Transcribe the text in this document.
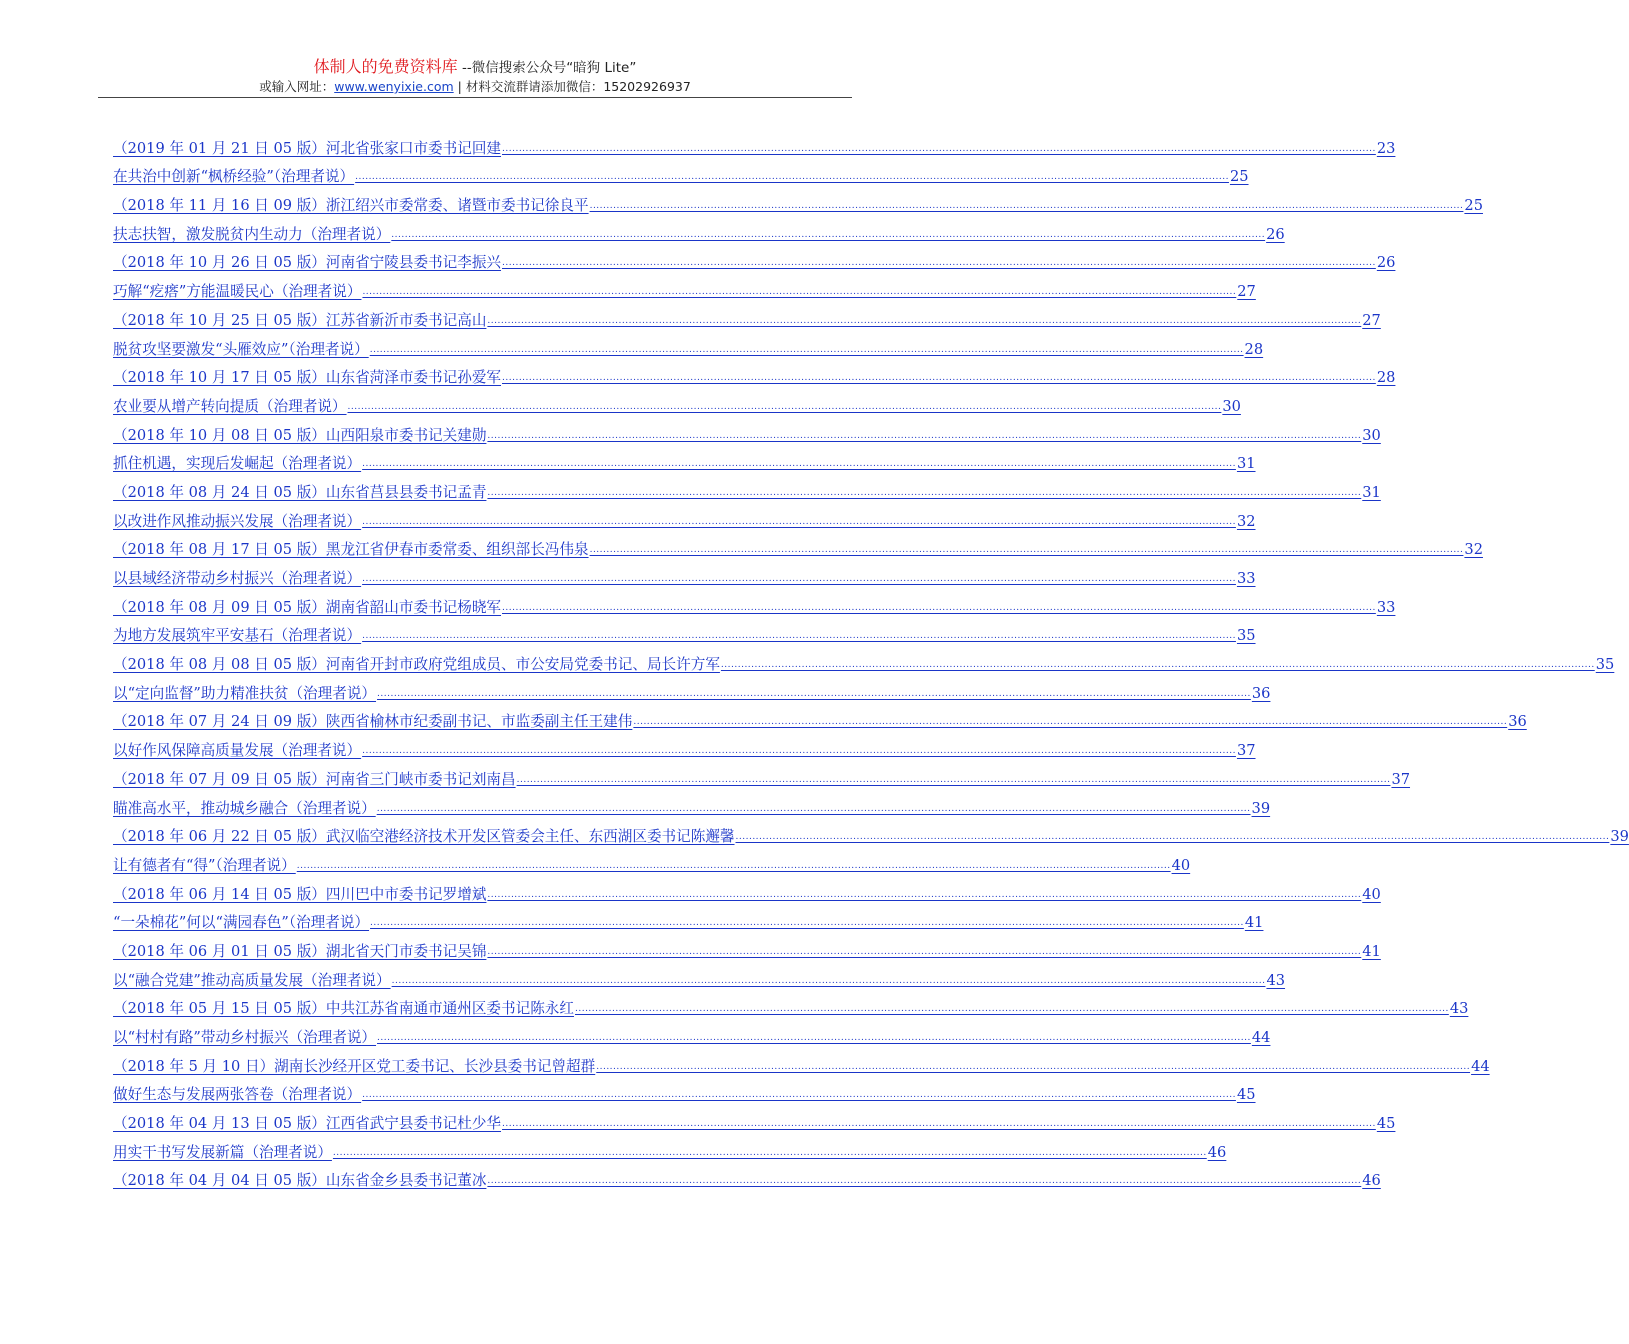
体制人的免费资料库 --微信搜索公众号“暗狗 Lite”
或输入网址：www.wenyixie.com | 材料交流群请添加微信：15202926937
（2019 年 01 月 21 日 05 版）河北省张家口市委书记回建 .................................................................................................................................................................................................................................................................... 23
在共治中创新“枫桥经验”（治理者说） .................................................................................................................................................................................................................................................................... 25
（2018 年 11 月 16 日 09 版）浙江绍兴市委常委、诸暨市委书记徐良平 .................................................................................................................................................................................................................................................................... 25
扶志扶智，激发脱贫内生动力（治理者说） .................................................................................................................................................................................................................................................................... 26
（2018 年 10 月 26 日 05 版）河南省宁陵县委书记李振兴 .................................................................................................................................................................................................................................................................... 26
巧解“疙瘩”方能温暖民心（治理者说） .................................................................................................................................................................................................................................................................... 27
（2018 年 10 月 25 日 05 版）江苏省新沂市委书记高山 .................................................................................................................................................................................................................................................................... 27
脱贫攻坚要激发“头雁效应”（治理者说） .................................................................................................................................................................................................................................................................... 28
（2018 年 10 月 17 日 05 版）山东省菏泽市委书记孙爱军 .................................................................................................................................................................................................................................................................... 28
农业要从增产转向提质（治理者说） .................................................................................................................................................................................................................................................................... 30
（2018 年 10 月 08 日 05 版）山西阳泉市委书记关建勋 .................................................................................................................................................................................................................................................................... 30
抓住机遇，实现后发崛起（治理者说） .................................................................................................................................................................................................................................................................... 31
（2018 年 08 月 24 日 05 版）山东省莒县县委书记孟青 .................................................................................................................................................................................................................................................................... 31
以改进作风推动振兴发展（治理者说） .................................................................................................................................................................................................................................................................... 32
（2018 年 08 月 17 日 05 版）黑龙江省伊春市委常委、组织部长冯伟泉 .................................................................................................................................................................................................................................................................... 32
以县域经济带动乡村振兴（治理者说） .................................................................................................................................................................................................................................................................... 33
（2018 年 08 月 09 日 05 版）湖南省韶山市委书记杨晓军 .................................................................................................................................................................................................................................................................... 33
为地方发展筑牢平安基石（治理者说） .................................................................................................................................................................................................................................................................... 35
（2018 年 08 月 08 日 05 版）河南省开封市政府党组成员、市公安局党委书记、局长许方军 .................................................................................................................................................................................................................................................................... 35
以“定向监督”助力精准扶贫（治理者说） .................................................................................................................................................................................................................................................................... 36
（2018 年 07 月 24 日 09 版）陕西省榆林市纪委副书记、市监委副主任王建伟 .................................................................................................................................................................................................................................................................... 36
以好作风保障高质量发展（治理者说） .................................................................................................................................................................................................................................................................... 37
（2018 年 07 月 09 日 05 版）河南省三门峡市委书记刘南昌 .................................................................................................................................................................................................................................................................... 37
瞄准高水平，推动城乡融合（治理者说） .................................................................................................................................................................................................................................................................... 39
（2018 年 06 月 22 日 05 版）武汉临空港经济技术开发区管委会主任、东西湖区委书记陈邂馨 .................................................................................................................................................................................................................................................................... 39
让有德者有“得”（治理者说） .................................................................................................................................................................................................................................................................... 40
（2018 年 06 月 14 日 05 版）四川巴中市委书记罗增斌 .................................................................................................................................................................................................................................................................... 40
“一朵棉花”何以“满园春色”（治理者说） .................................................................................................................................................................................................................................................................... 41
（2018 年 06 月 01 日 05 版）湖北省天门市委书记吴锦 .................................................................................................................................................................................................................................................................... 41
以“融合党建”推动高质量发展（治理者说） .................................................................................................................................................................................................................................................................... 43
（2018 年 05 月 15 日 05 版）中共江苏省南通市通州区委书记陈永红 .................................................................................................................................................................................................................................................................... 43
以“村村有路”带动乡村振兴（治理者说） .................................................................................................................................................................................................................................................................... 44
（2018 年 5 月 10 日）湖南长沙经开区党工委书记、长沙县委书记曾超群 .................................................................................................................................................................................................................................................................... 44
做好生态与发展两张答卷（治理者说） .................................................................................................................................................................................................................................................................... 45
（2018 年 04 月 13 日 05 版）江西省武宁县委书记杜少华 .................................................................................................................................................................................................................................................................... 45
用实干书写发展新篇（治理者说） .................................................................................................................................................................................................................................................................... 46
（2018 年 04 月 04 日 05 版）山东省金乡县委书记董冰 .................................................................................................................................................................................................................................................................... 46
